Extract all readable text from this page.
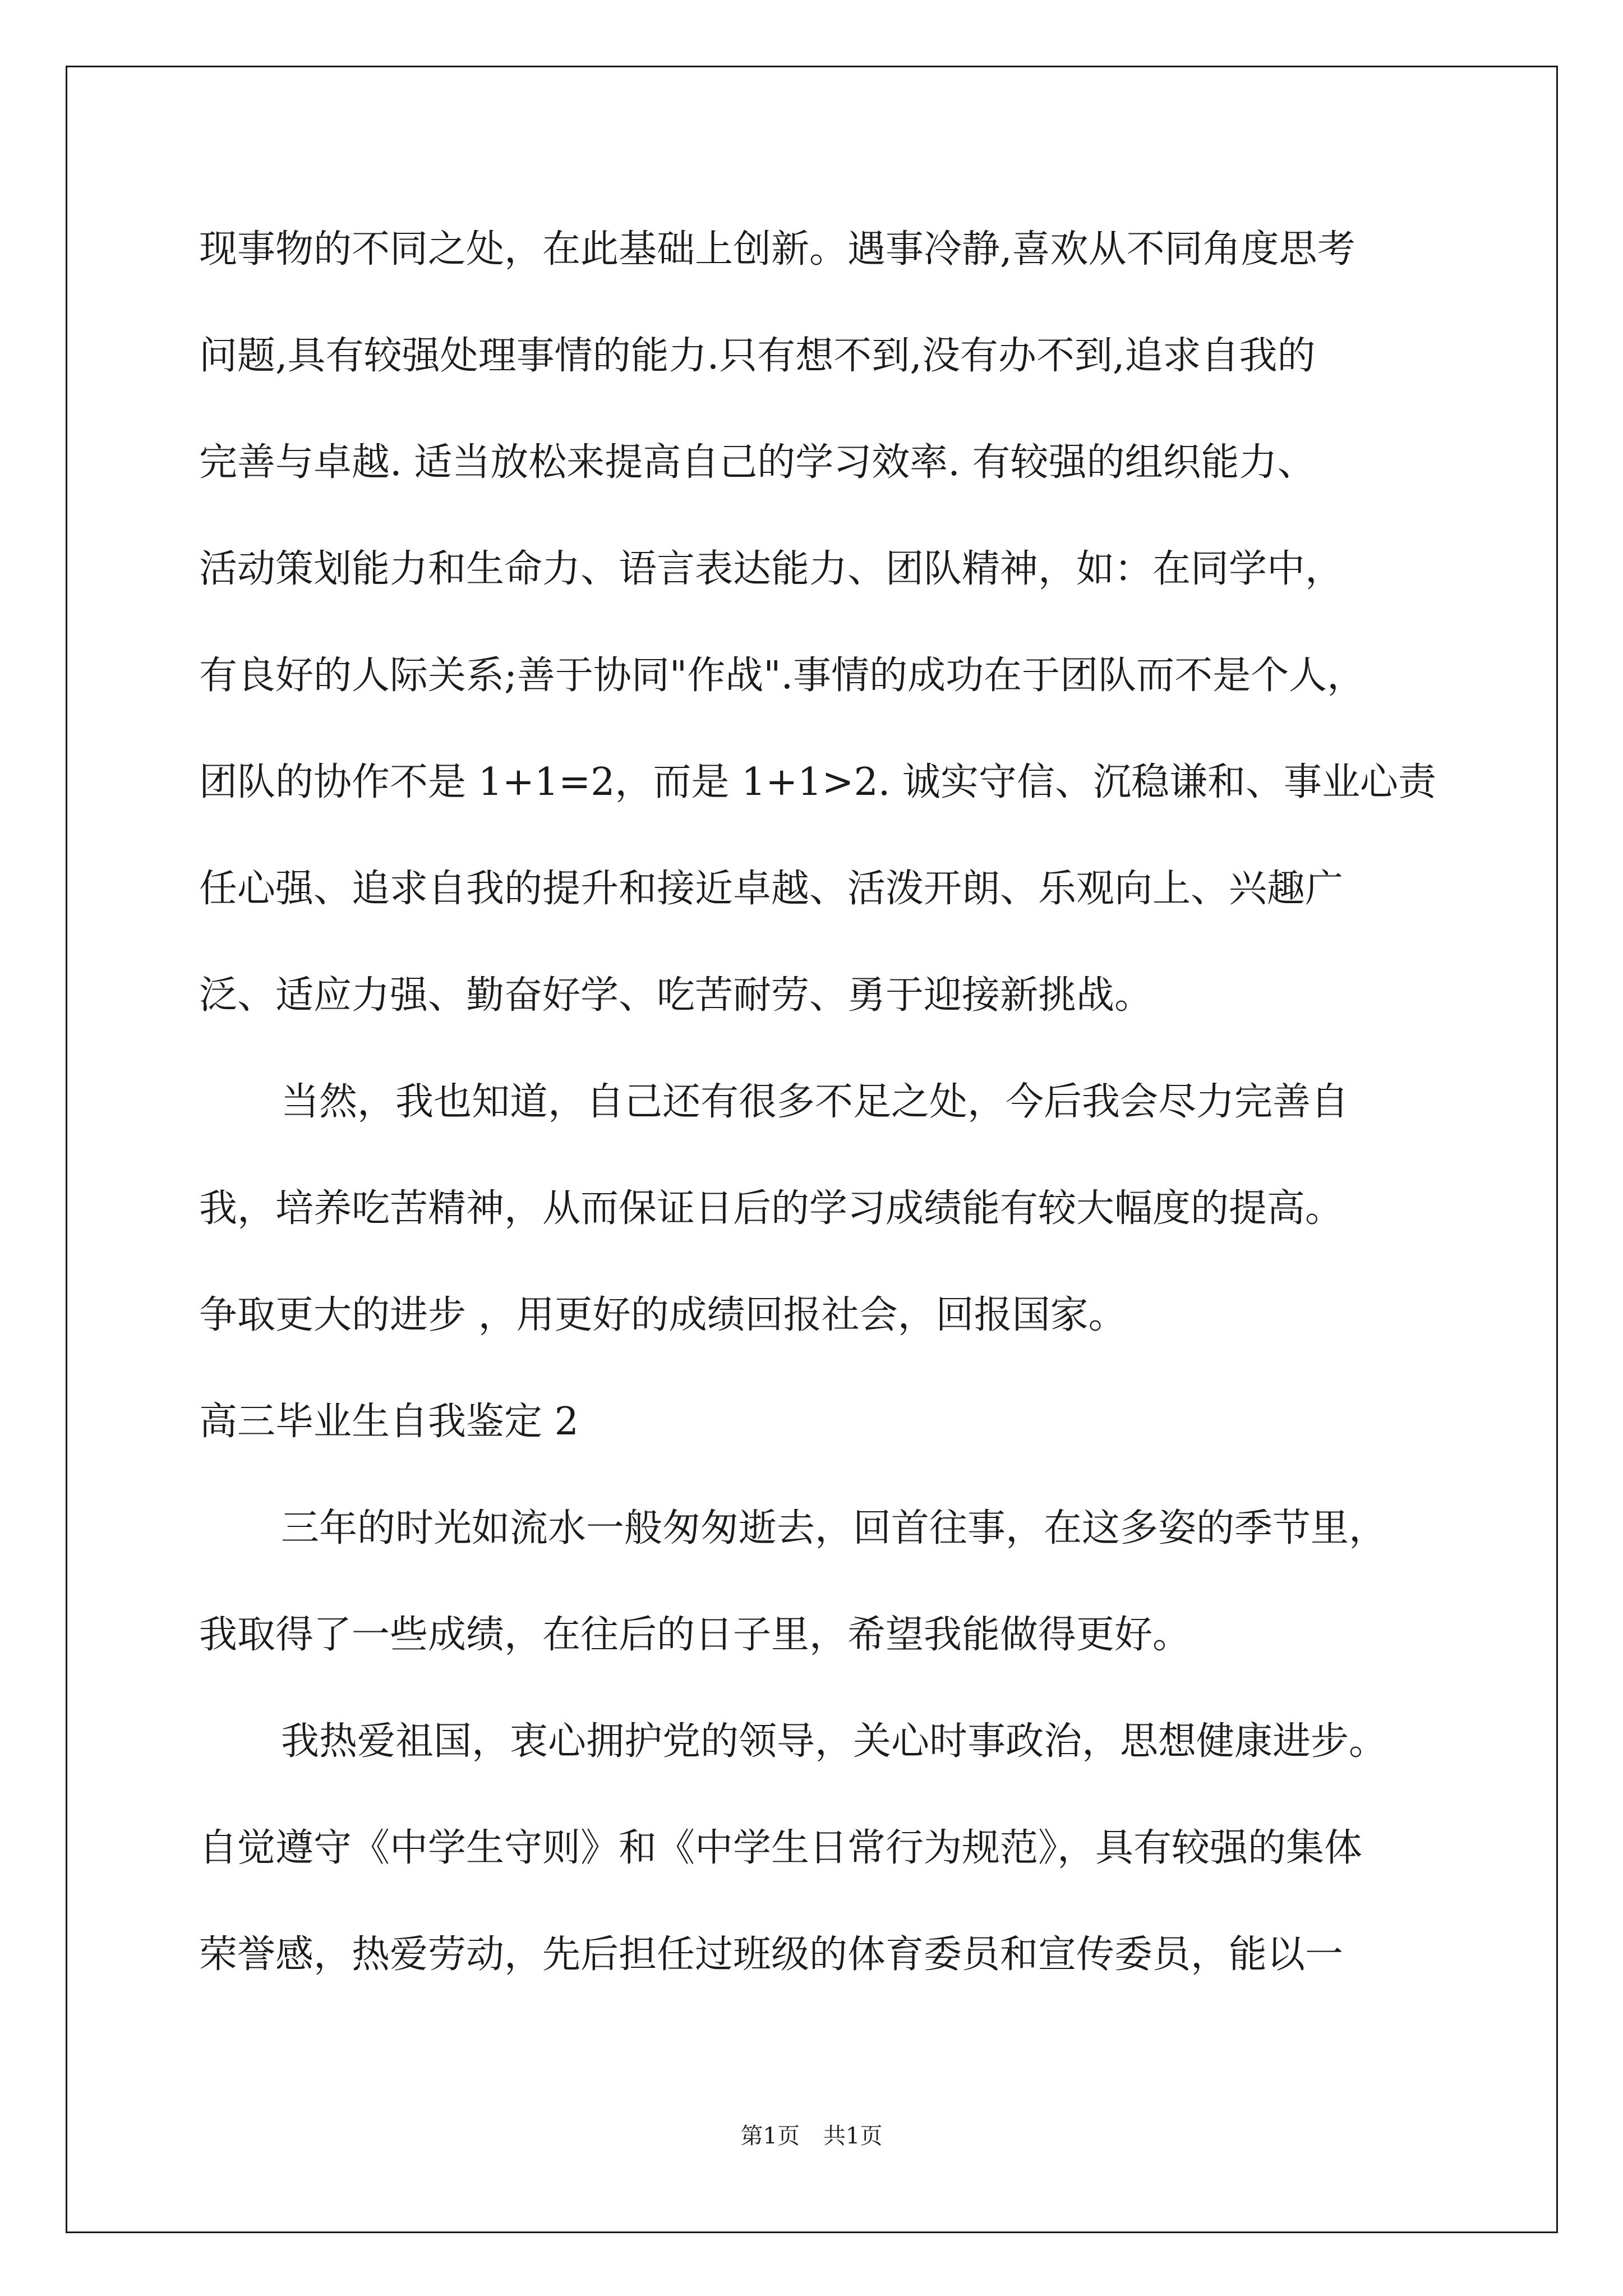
现事物的不同之处，在此基础上创新。遇事冷静,喜欢从不同角度思考
问题,具有较强处理事情的能力.只有想不到,没有办不到,追求自我的
完善与卓越. 适当放松来提高自己的学习效率. 有较强的组织能力、
活动策划能力和生命力、语言表达能力、团队精神，如：在同学中，
有良好的人际关系;善于协同"作战".事情的成功在于团队而不是个人，
团队的协作不是 1+1=2，而是 1+1>2. 诚实守信、沉稳谦和、事业心责
任心强、追求自我的提升和接近卓越、活泼开朗、乐观向上、兴趣广
泛、适应力强、勤奋好学、吃苦耐劳、勇于迎接新挑战。
当然，我也知道，自己还有很多不足之处，今后我会尽力完善自
我，培养吃苦精神，从而保证日后的学习成绩能有较大幅度的提高。
争取更大的进步 ，用更好的成绩回报社会，回报国家。
高三毕业生自我鉴定 2
三年的时光如流水一般匆匆逝去，回首往事，在这多姿的季节里，
我取得了一些成绩，在往后的日子里，希望我能做得更好。
我热爱祖国，衷心拥护党的领导，关心时事政治，思想健康进步。
自觉遵守《中学生守则》和《中学生日常行为规范》，具有较强的集体
荣誉感，热爱劳动，先后担任过班级的体育委员和宣传委员，能以一
第1页 共1页
